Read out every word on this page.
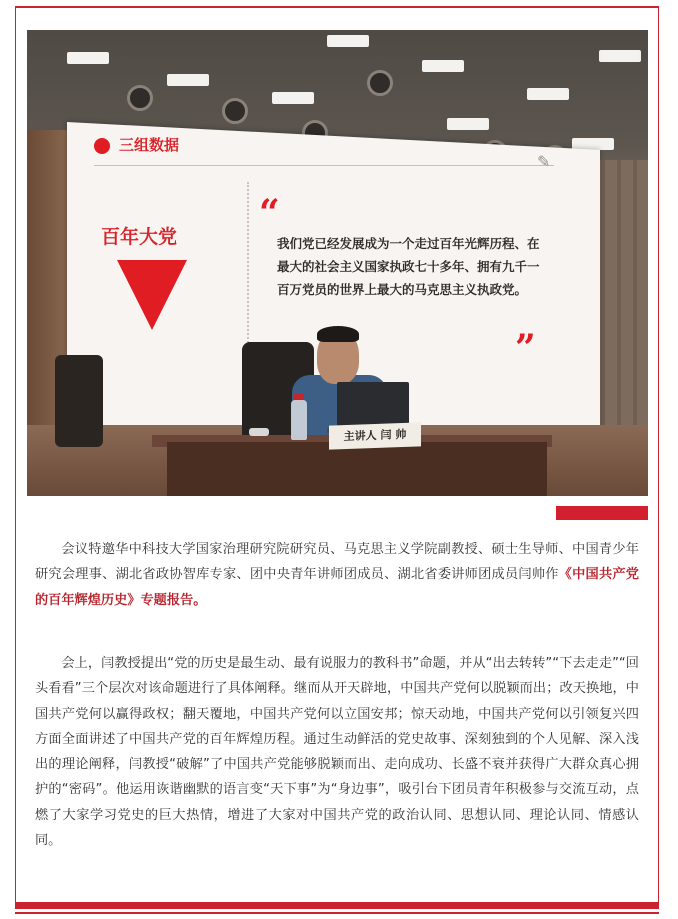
三组数据
✎
百年大党
“
我们党已经发展成为一个走过百年光辉历程、在最大的社会主义国家执政七十多年、拥有九千一百万党员的世界上最大的马克思主义执政党。
”
主讲人 闫 帅

会议特邀华中科技大学国家治理研究院研究员、马克思主义学院副教授、硕士生导师、中国青少年研究会理事、湖北省政协智库专家、团中央青年讲师团成员、湖北省委讲师团成员闫帅作《中国共产党的百年辉煌历史》专题报告。

会上，闫教授提出“党的历史是最生动、最有说服力的教科书”命题，并从“出去转转”“下去走走”“回头看看”三个层次对该命题进行了具体阐释。继而从开天辟地，中国共产党何以脱颖而出；改天换地，中国共产党何以赢得政权；翻天覆地，中国共产党何以立国安邦；惊天动地，中国共产党何以引领复兴四方面全面讲述了中国共产党的百年辉煌历程。通过生动鲜活的党史故事、深刻独到的个人见解、深入浅出的理论阐释，闫教授“破解”了中国共产党能够脱颖而出、走向成功、长盛不衰并获得广大群众真心拥护的“密码”。他运用诙谐幽默的语言变“天下事”为“身边事”，吸引台下团员青年积极参与交流互动，点燃了大家学习党史的巨大热情，增进了大家对中国共产党的政治认同、思想认同、理论认同、情感认同。
